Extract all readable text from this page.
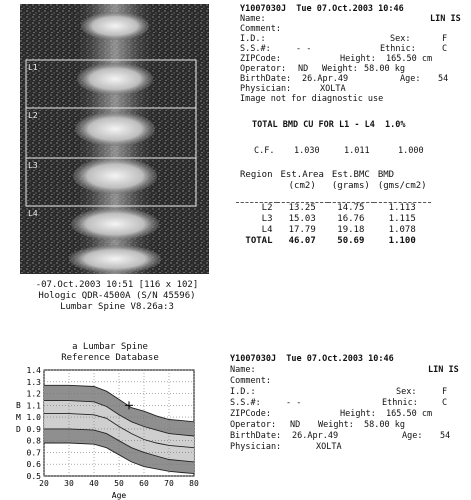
L1
L2
L3
L4
-07.Oct.2003 10:51 [116 x 102]
Hologic QDR-4500A (S/N 45596)
Lumbar Spine V8.26a:3
Y1007030J  Tue 07.Oct.2003 10:46
Name:	LIN IS
Comment:
I.D.:	Sex:	F
S.S.#:	- -	Ethnic:	C
ZIPCode:	Height: 165.50 cm
Operator: ND Weight: 58.00 kg
BirthDate: 26.Apr.49	Age: 54
Physician:	XOLTA
Image not for diagnostic use
TOTAL BMD CU FOR L1 - L4  1.0%
C.F. 1.030	1.011	1.000
Region	Est.Area	Est.BMC	BMD
	(cm2)	(grams)	(gms/cm2)

L2	13.25	14.75	1.113
L3	15.03	16.76	1.115
L4	17.79	19.18	1.078
TOTAL	46.07	50.69	1.100
a Lumbar Spine
Reference Database
0.5
0.6
0.7
0.8
0.9
1.0
1.1
1.2
1.3
1.4
20 30 40 50 60 70 80
B
M
D
Age
Y1007030J  Tue 07.Oct.2003 10:46
Name:	LIN IS
Comment:
I.D.:	Sex:	F
S.S.#:	- -	Ethnic:	C
ZIPCode:	Height: 165.50 cm
Operator: ND Weight: 58.00 kg
BirthDate: 26.Apr.49	Age: 54
Physician:	XOLTA
